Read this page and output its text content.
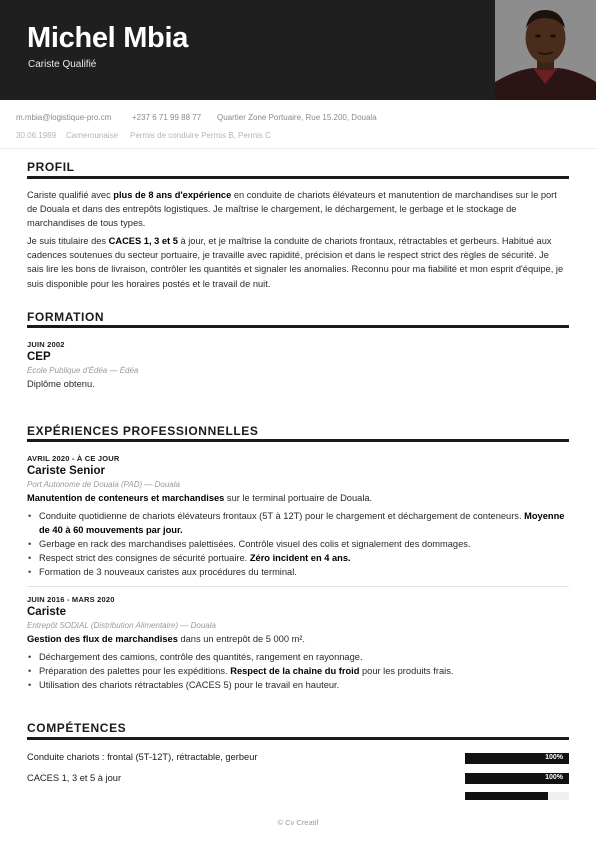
Michel Mbia
Cariste Qualifié
m.mbia@logistique-pro.cm	+237 6 71 99 88 77 Quartier Zone Portuaire, Rue 15.200, Douala
30.06.1989 Camerounaise Permis de conduire Permis B, Permis C
PROFIL

Cariste qualifié avec plus de 8 ans d'expérience en conduite de chariots élévateurs et manutention de marchandises sur le port de Douala et dans des entrepôts logistiques. Je maîtrise le chargement, le déchargement, le gerbage et le stockage de marchandises de tous types.

Je suis titulaire des CACES 1, 3 et 5 à jour, et je maîtrise la conduite de chariots frontaux, rétractables et gerbeurs. Habitué aux cadences soutenues du secteur portuaire, je travaille avec rapidité, précision et dans le respect strict des règles de sécurité. Je sais lire les bons de livraison, contrôler les quantités et signaler les anomalies. Reconnu pour ma fiabilité et mon esprit d'équipe, je suis disponible pour les horaires postés et le travail de nuit.

FORMATION
JUIN 2002
CEP
École Publique d'Édéa — Édéa
Diplôme obtenu.
EXPÉRIENCES PROFESSIONNELLES
AVRIL 2020 - À CE JOUR
Cariste Senior
Port Autonome de Douala (PAD) — Douala
Manutention de conteneurs et marchandises sur le terminal portuaire de Douala.
• Conduite quotidienne de chariots élévateurs frontaux (5T à 12T) pour le chargement et déchargement de conteneurs. Moyenne de 40 à 60 mouvements par jour.
• Gerbage en rack des marchandises palettisées. Contrôle visuel des colis et signalement des dommages.
• Respect strict des consignes de sécurité portuaire. Zéro incident en 4 ans.
• Formation de 3 nouveaux caristes aux procédures du terminal.
JUIN 2016 - MARS 2020
Cariste
Entrepôt SODIAL (Distribution Alimentaire) — Douala
Gestion des flux de marchandises dans un entrepôt de 5 000 m².
• Déchargement des camions, contrôle des quantités, rangement en rayonnage.
• Préparation des palettes pour les expéditions. Respect de la chaîne du froid pour les produits frais.
• Utilisation des chariots rétractables (CACES 5) pour le travail en hauteur.
COMPÉTENCES
Conduite chariots : frontal (5T-12T), rétractable, gerbeur	100%
CACES 1, 3 et 5 à jour	100%
© Cv Creatif
